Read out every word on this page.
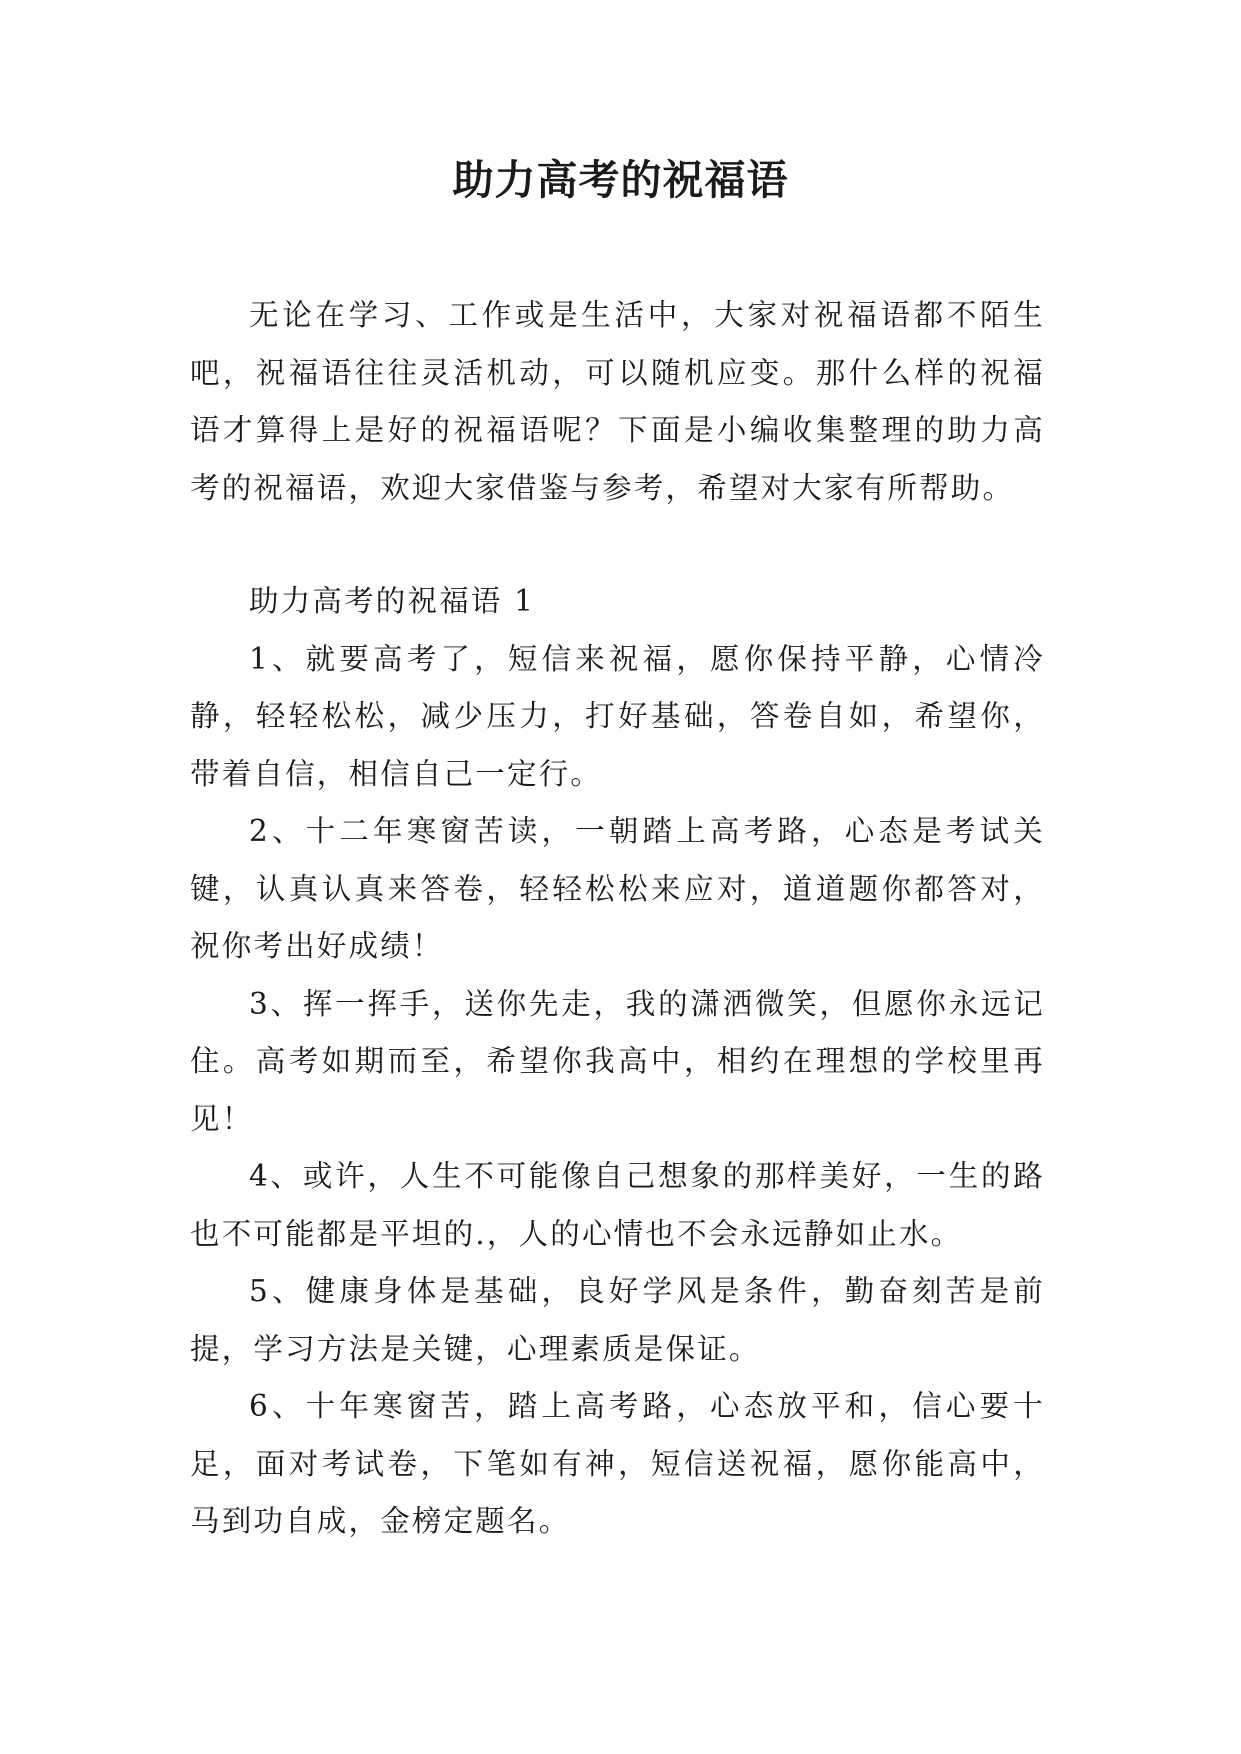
助力高考的祝福语

无论在学习、工作或是生活中，大家对祝福语都不陌生吧，祝福语往往灵活机动，可以随机应变。那什么样的祝福语才算得上是好的祝福语呢？下面是小编收集整理的助力高考的祝福语，欢迎大家借鉴与参考，希望对大家有所帮助。

助力高考的祝福语 1

1、就要高考了，短信来祝福，愿你保持平静，心情冷静，轻轻松松，减少压力，打好基础，答卷自如，希望你，带着自信，相信自己一定行。

2、十二年寒窗苦读，一朝踏上高考路，心态是考试关键，认真认真来答卷，轻轻松松来应对，道道题你都答对，祝你考出好成绩！

3、挥一挥手，送你先走，我的潇洒微笑，但愿你永远记住。高考如期而至，希望你我高中，相约在理想的学校里再见！

4、或许，人生不可能像自己想象的那样美好，一生的路也不可能都是平坦的.，人的心情也不会永远静如止水。

5、健康身体是基础，良好学风是条件，勤奋刻苦是前提，学习方法是关键，心理素质是保证。

6、十年寒窗苦，踏上高考路，心态放平和，信心要十足，面对考试卷，下笔如有神，短信送祝福，愿你能高中，马到功自成，金榜定题名。
